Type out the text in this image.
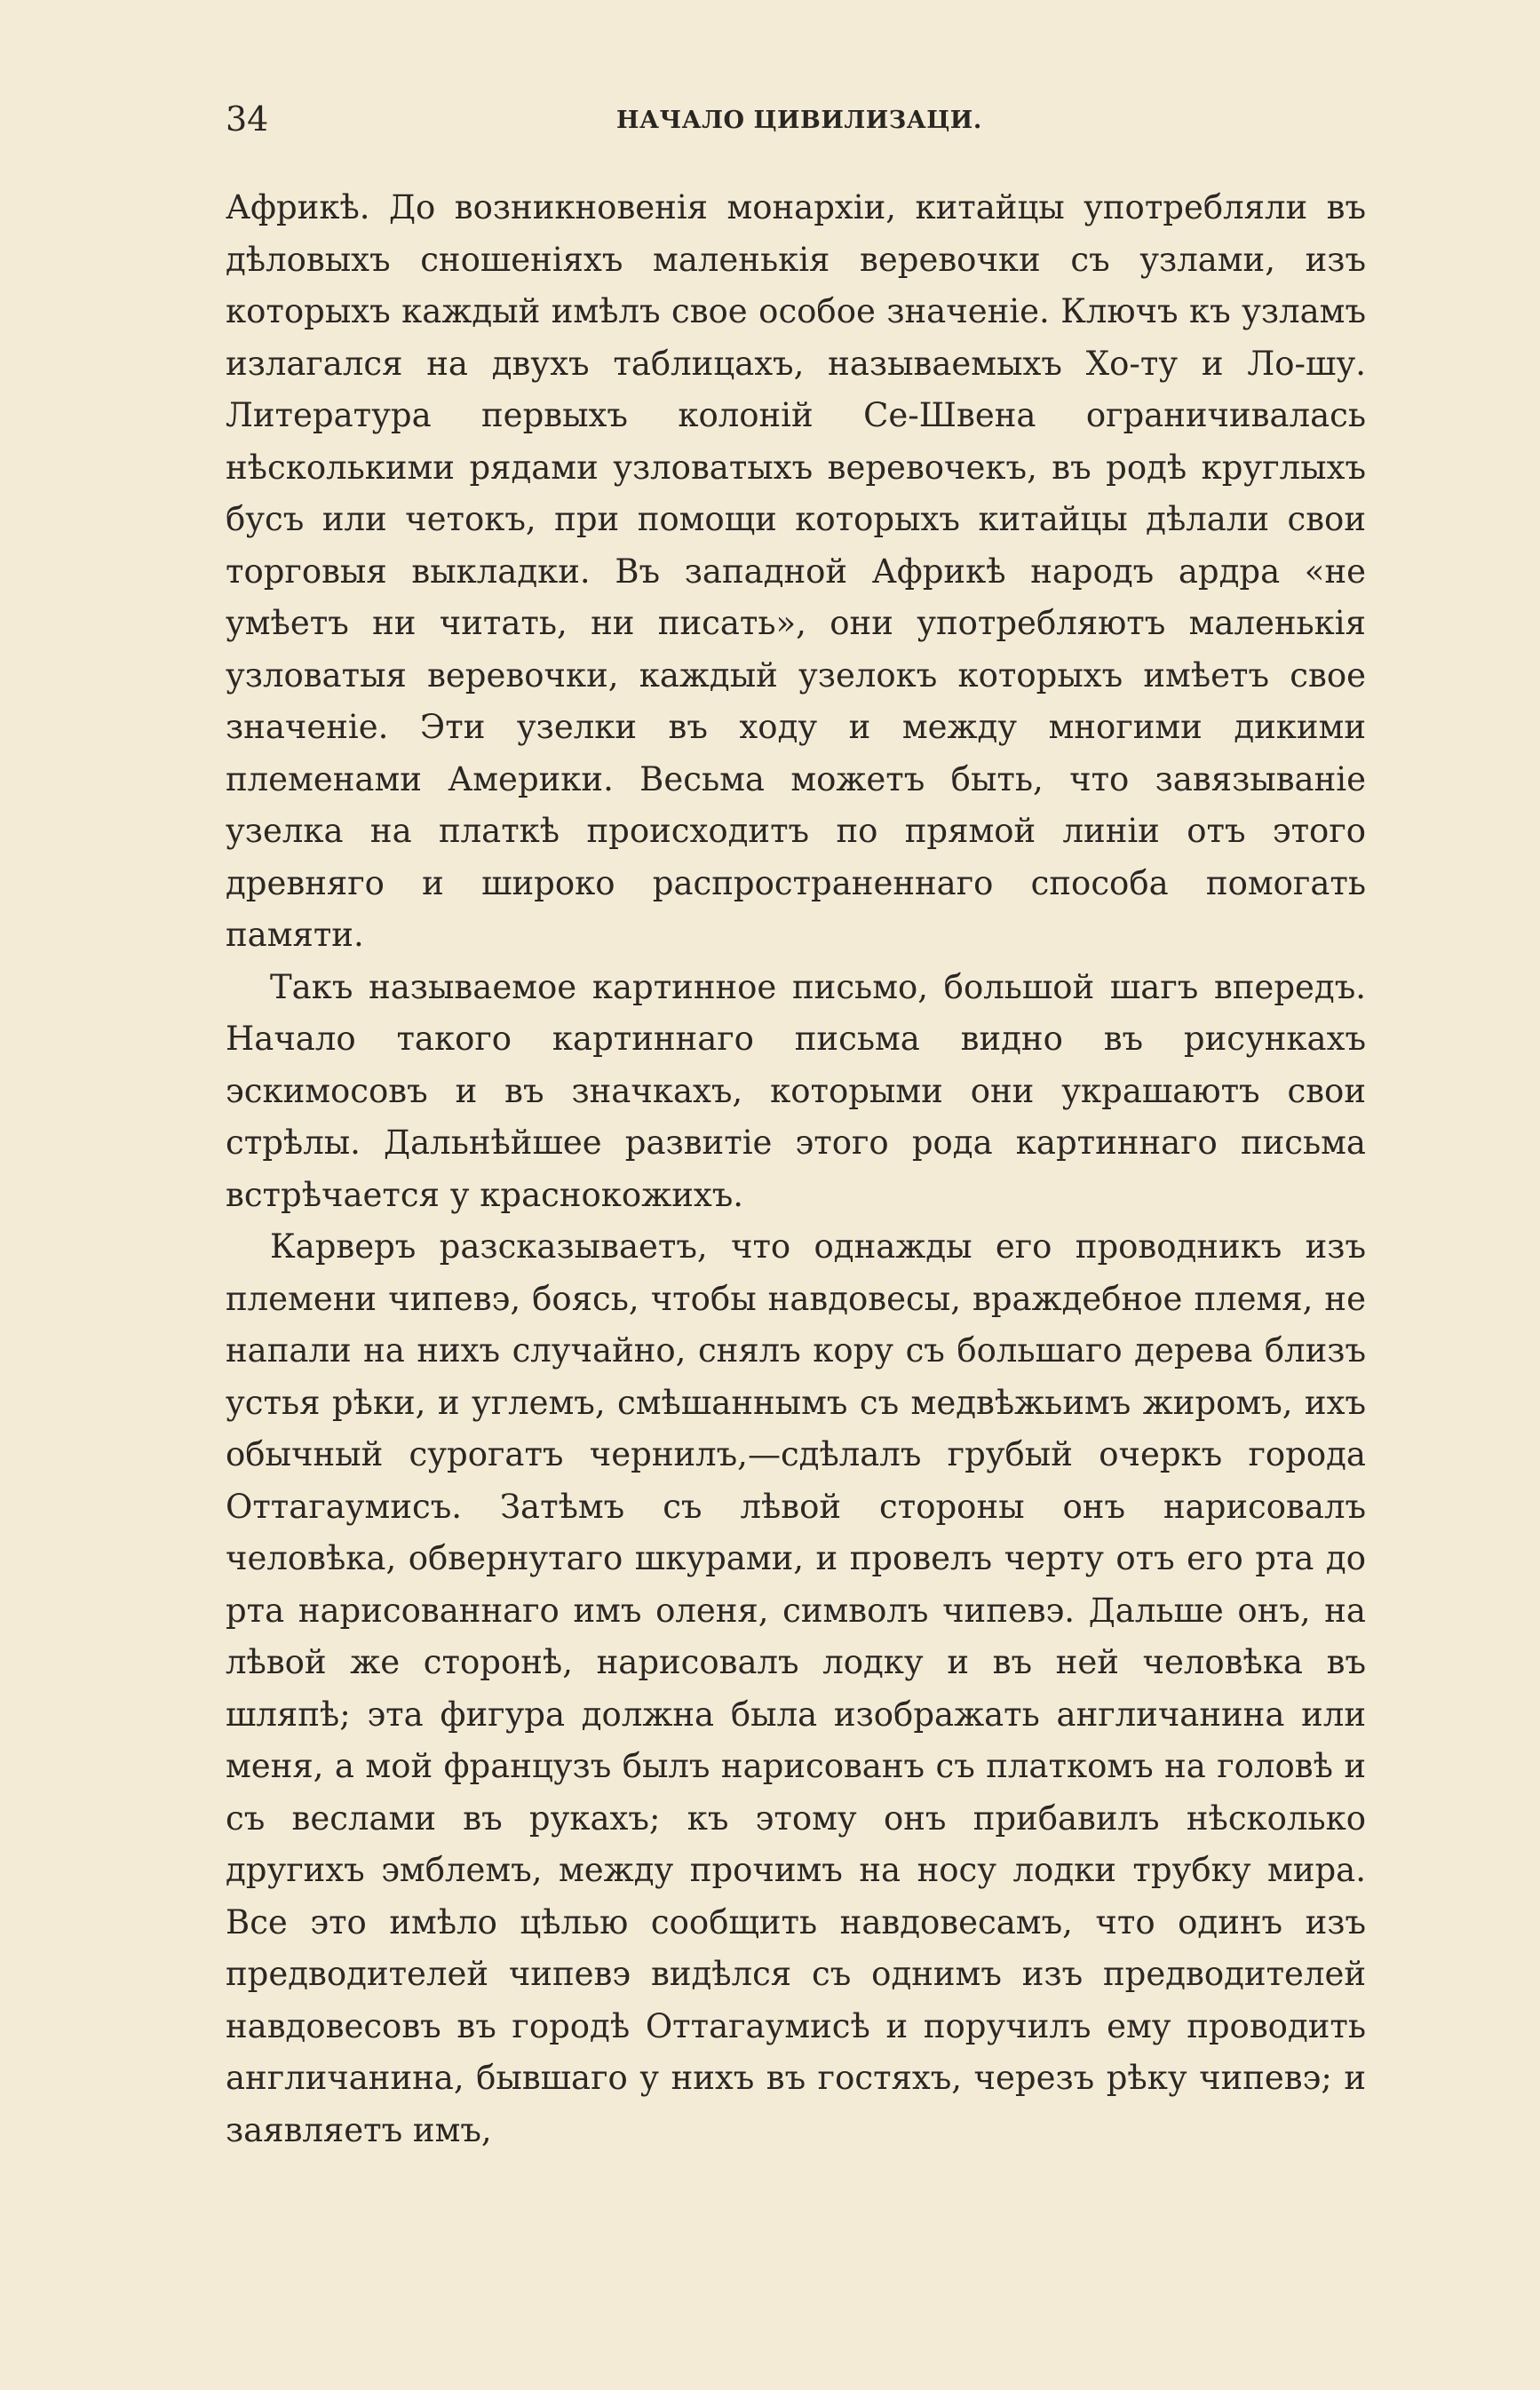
34	НАЧАЛО ЦИВИЛИЗАЦИ.

Африкѣ. До возникновенія монархіи, китайцы употребляли въ дѣловыхъ сношеніяхъ маленькія веревочки съ узлами, изъ которыхъ каждый имѣлъ свое особое значеніе. Ключъ къ узламъ излагался на двухъ таблицахъ, называемыхъ Хо-ту и Ло-шу. Литература первыхъ колоній Се-Швена ограничивалась нѣсколькими рядами узловатыхъ веревочекъ, въ родѣ круглыхъ бусъ или четокъ, при помощи которыхъ китайцы дѣлали свои торговыя выкладки. Въ западной Африкѣ народъ ардра «не умѣетъ ни читать, ни писать», они употребляютъ маленькія узловатыя веревочки, каждый узелокъ которыхъ имѣетъ свое значеніе. Эти узелки въ ходу и между многими дикими племенами Америки. Весьма можетъ быть, что завязываніе узелка на платкѣ происходитъ по прямой линіи отъ этого древняго и широко распространеннаго способа помогать памяти.

Такъ называемое картинное письмо, большой шагъ впередъ. Начало такого картиннаго письма видно въ рисункахъ эскимосовъ и въ значкахъ, которыми они украшаютъ свои стрѣлы. Дальнѣйшее развитіе этого рода картиннаго письма встрѣчается у краснокожихъ.

Карверъ разсказываетъ, что однажды его проводникъ изъ племени чипевэ, боясь, чтобы навдовесы, враждебное племя, не напали на нихъ случайно, снялъ кору съ большаго дерева близъ устья рѣки, и углемъ, смѣшаннымъ съ медвѣжьимъ жиромъ, ихъ обычный сурогатъ чернилъ,—сдѣлалъ грубый очеркъ города Оттагаумисъ. Затѣмъ съ лѣвой стороны онъ нарисовалъ человѣка, обвернутаго шкурами, и провелъ черту отъ его рта до рта нарисованнаго имъ оленя, символъ чипевэ. Дальше онъ, на лѣвой же сторонѣ, нарисовалъ лодку и въ ней человѣка въ шляпѣ; эта фигура должна была изображать англичанина или меня, а мой французъ былъ нарисованъ съ платкомъ на головѣ и съ веслами въ рукахъ; къ этому онъ прибавилъ нѣсколько другихъ эмблемъ, между прочимъ на носу лодки трубку мира. Все это имѣло цѣлью сообщить навдовесамъ, что одинъ изъ предводителей чипевэ видѣлся съ однимъ изъ предводителей навдовесовъ въ городѣ Оттагаумисѣ и поручилъ ему проводить англичанина, бывшаго у нихъ въ гостяхъ, черезъ рѣку чипевэ; и заявляетъ имъ,
